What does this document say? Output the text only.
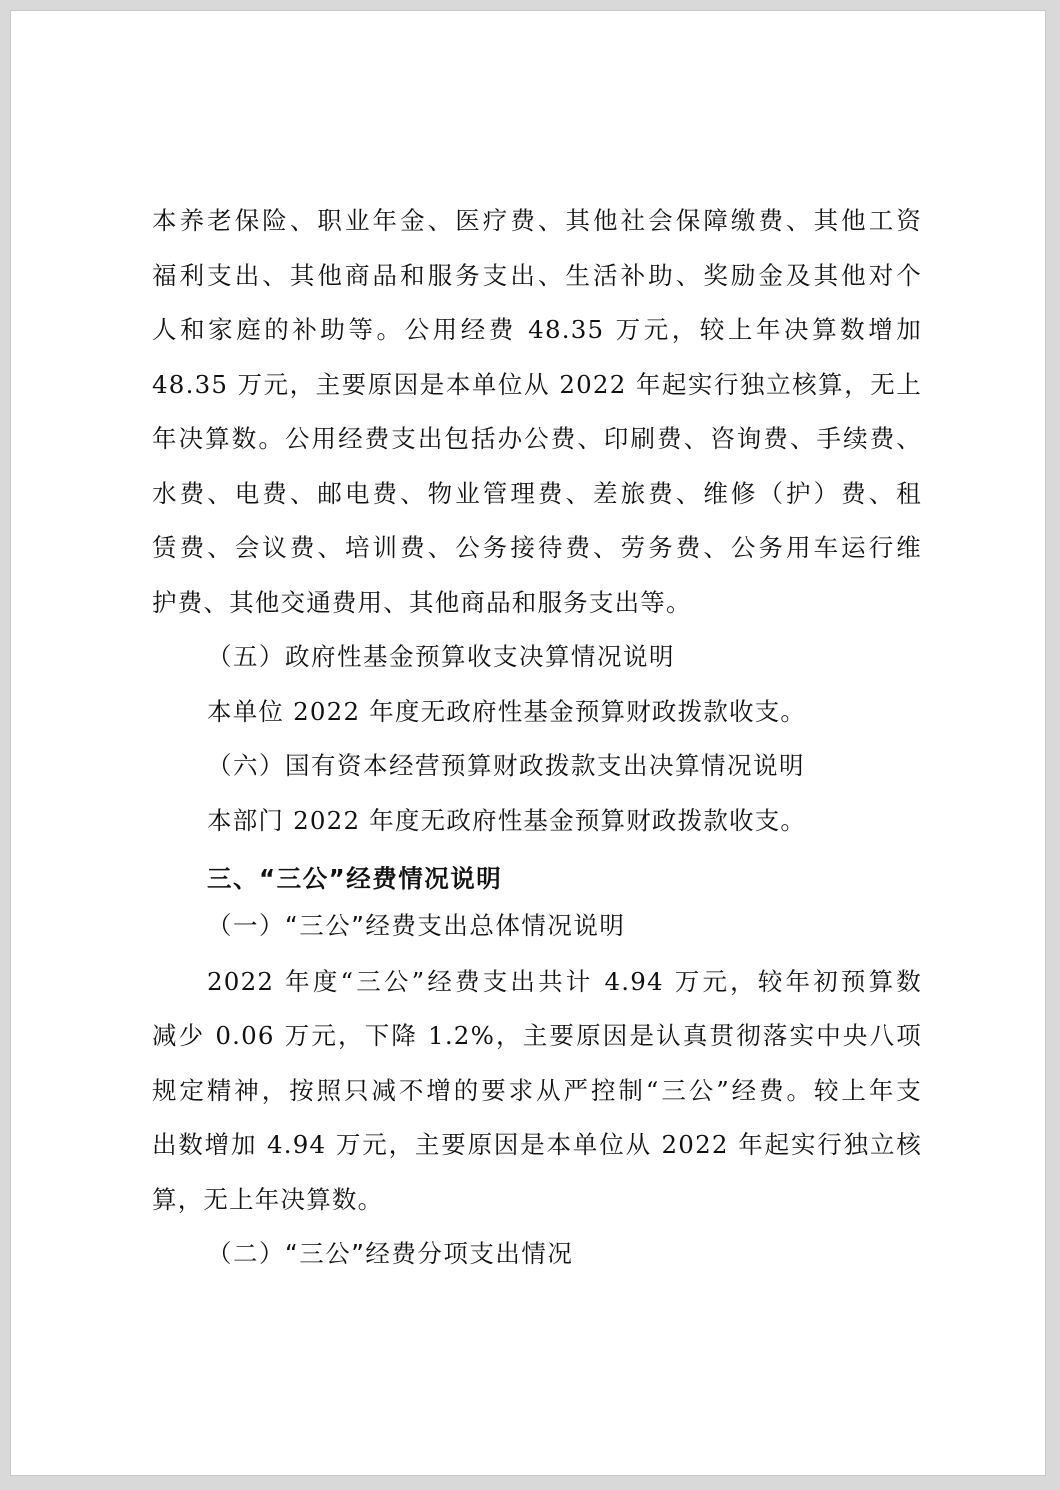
本养老保险、职业年金、医疗费、其他社会保障缴费、其他工资
福利支出、其他商品和服务支出、生活补助、奖励金及其他对个
人和家庭的补助等。公用经费 48.35 万元，较上年决算数增加
48.35 万元，主要原因是本单位从 2022 年起实行独立核算，无上
年决算数。公用经费支出包括办公费、印刷费、咨询费、手续费、
水费、电费、邮电费、物业管理费、差旅费、维修（护）费、租
赁费、会议费、培训费、公务接待费、劳务费、公务用车运行维
护费、其他交通费用、其他商品和服务支出等。
（五）政府性基金预算收支决算情况说明
本单位 2022 年度无政府性基金预算财政拨款收支。
（六）国有资本经营预算财政拨款支出决算情况说明
本部门 2022 年度无政府性基金预算财政拨款收支。
三、“三公”经费情况说明
（一）“三公”经费支出总体情况说明
2022 年度“三公”经费支出共计 4.94 万元，较年初预算数
减少 0.06 万元，下降 1.2%，主要原因是认真贯彻落实中央八项
规定精神，按照只减不增的要求从严控制“三公”经费。较上年支
出数增加 4.94 万元，主要原因是本单位从 2022 年起实行独立核
算，无上年决算数。
（二）“三公”经费分项支出情况
